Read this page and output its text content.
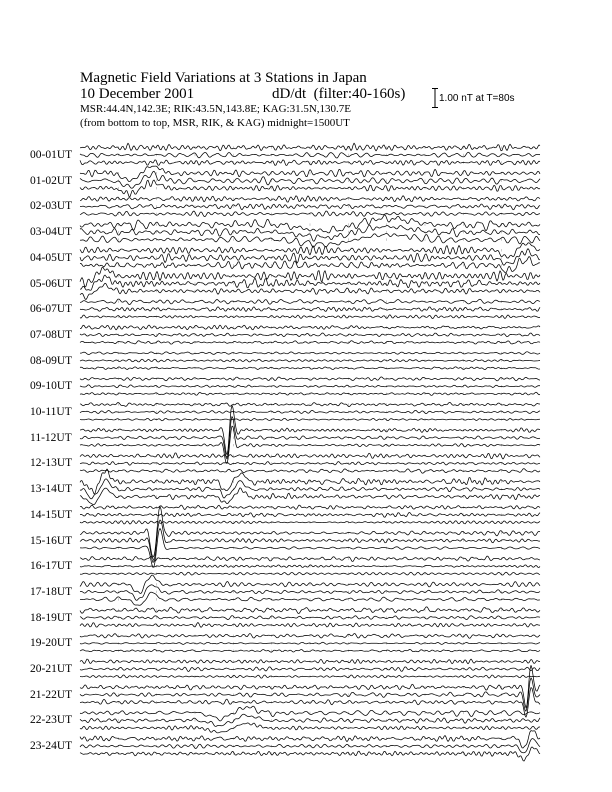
Magnetic Field Variations at 3 Stations in Japan
10 December 2001	dD/dt (filter:40-160s)
MSR:44.4N,142.3E; RIK:43.5N,143.8E; KAG:31.5N,130.7E
(from bottom to top, MSR, RIK, & KAG) midnight=1500UT
1.00 nT at T=80s
00-01UT
01-02UT
02-03UT
03-04UT
04-05UT
05-06UT
06-07UT
07-08UT
08-09UT
09-10UT
10-11UT
11-12UT
12-13UT
13-14UT
14-15UT
15-16UT
16-17UT
17-18UT
18-19UT
19-20UT
20-21UT
21-22UT
22-23UT
23-24UT
